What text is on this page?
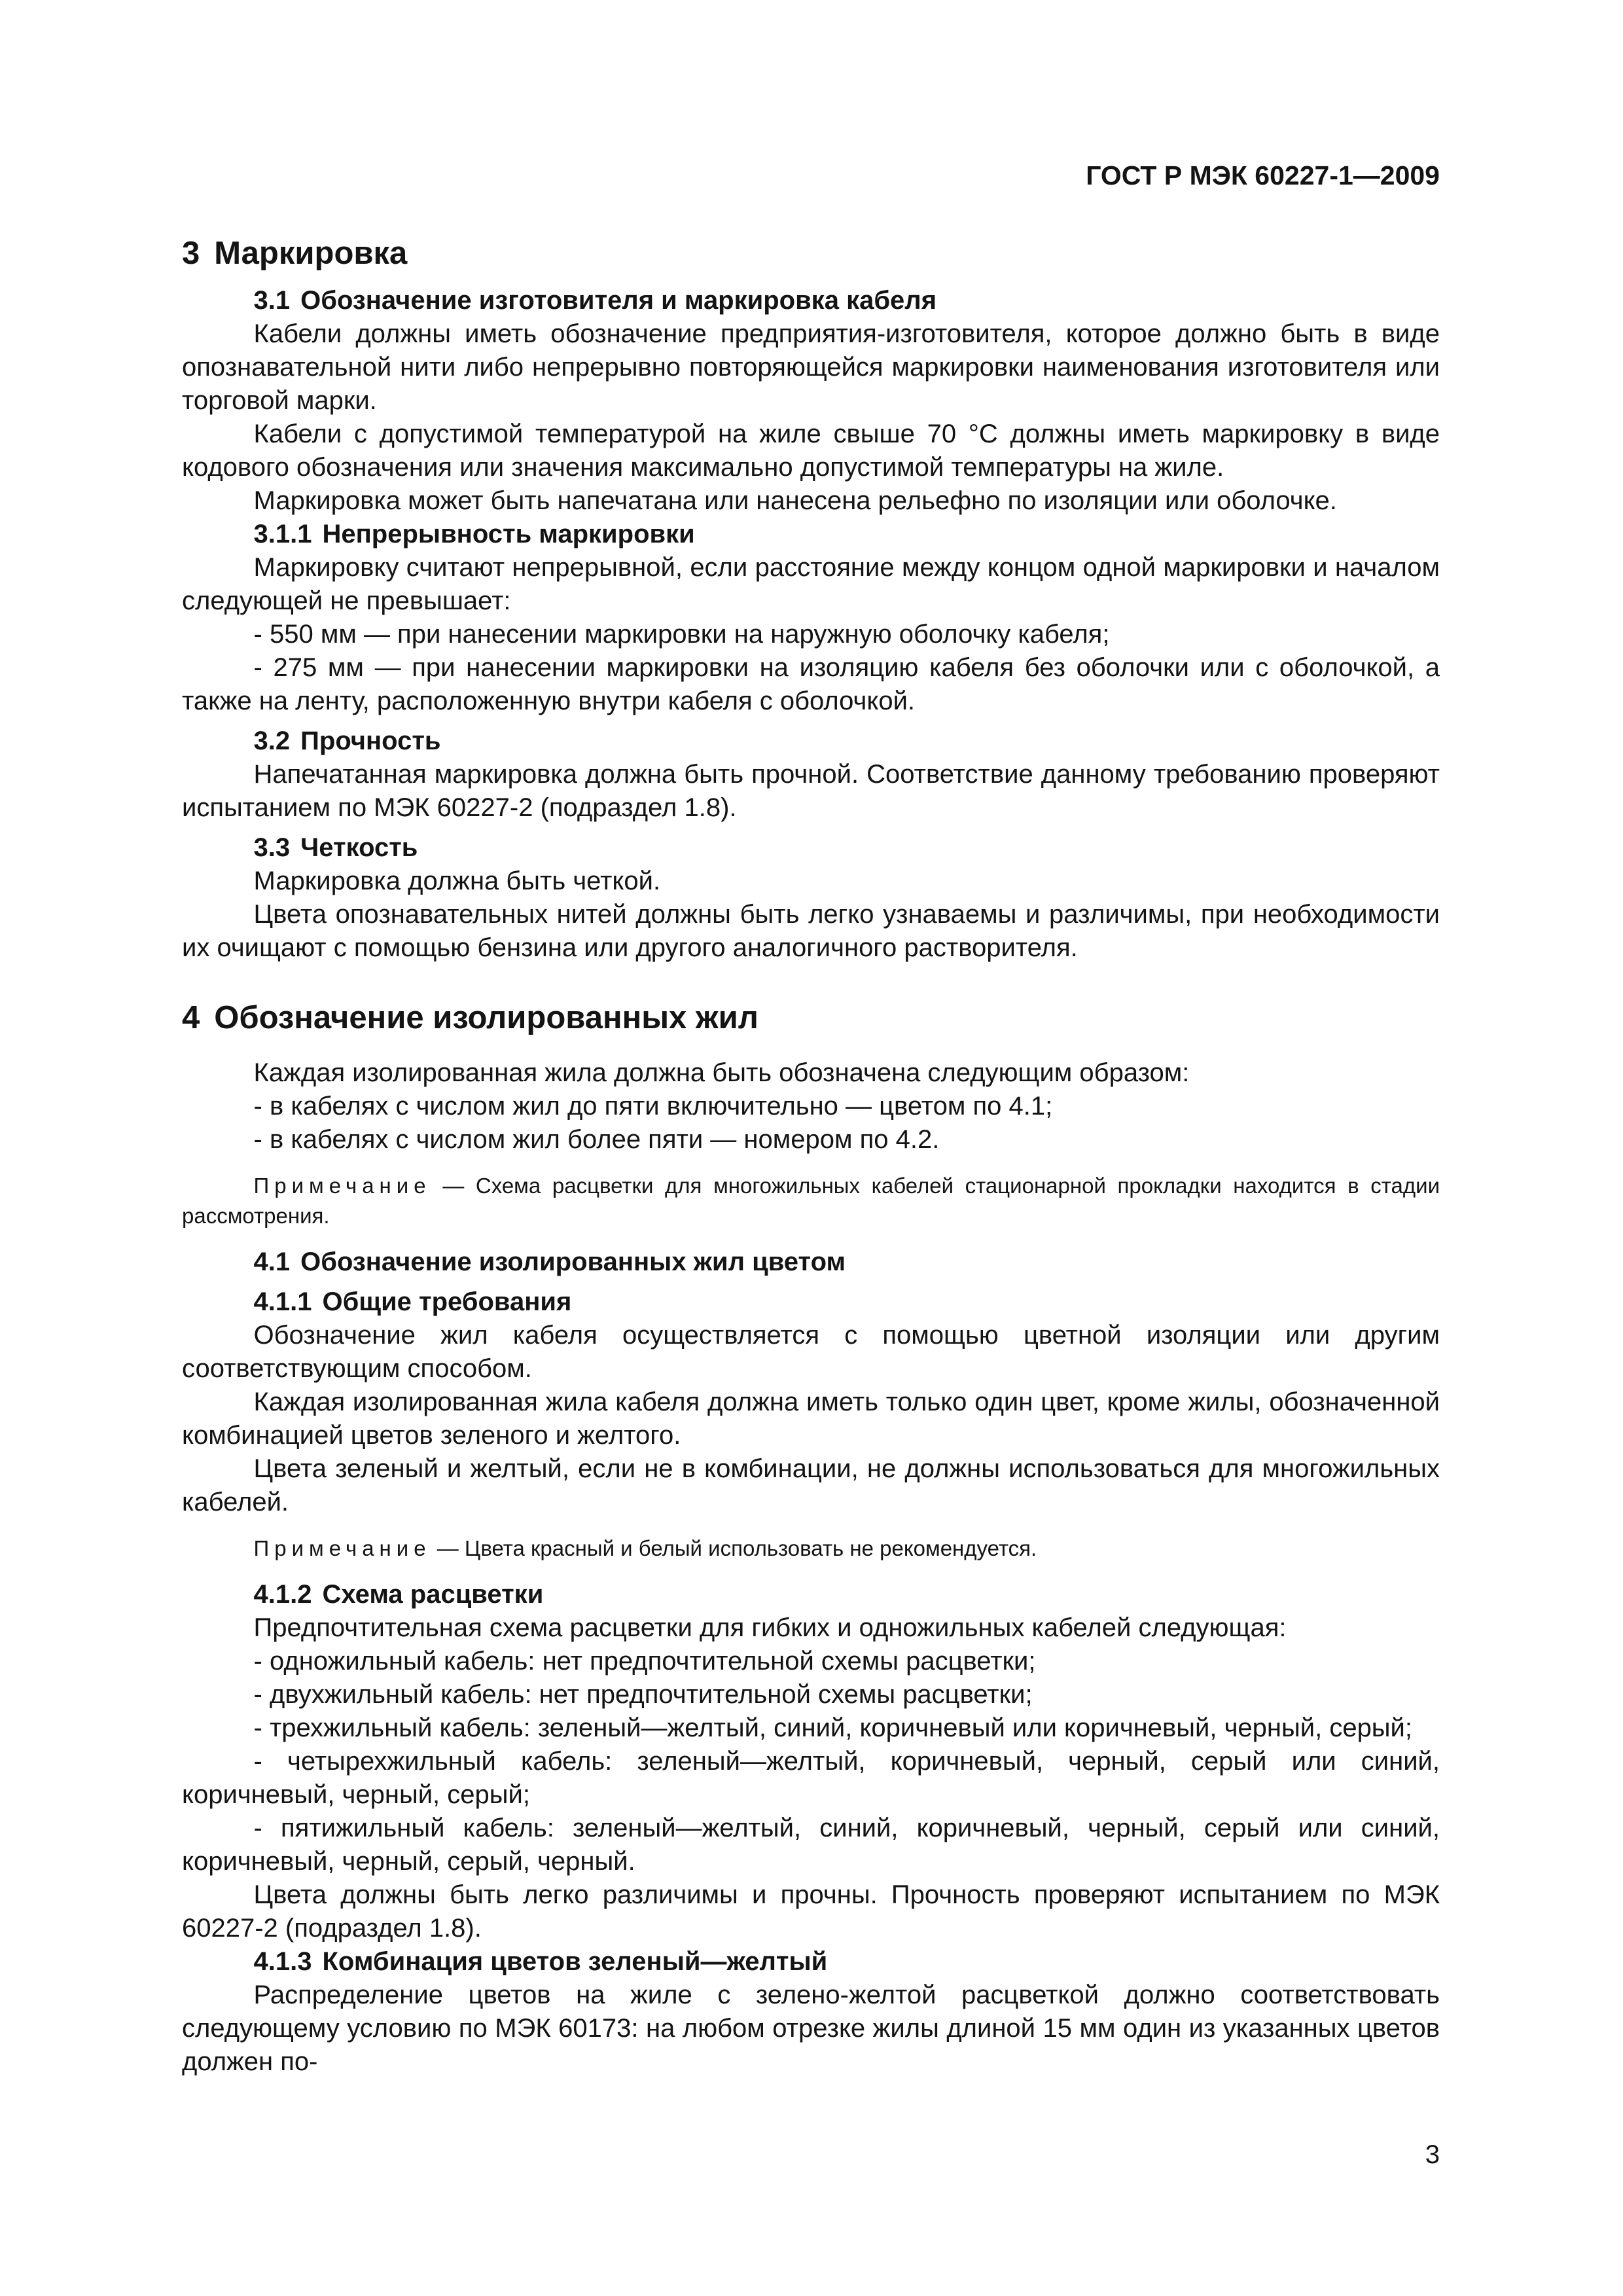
ГОСТ Р МЭК 60227-1—2009
3 Маркировка

3.1 Обозначение изготовителя и маркировка кабеля

Кабели должны иметь обозначение предприятия-изготовителя, которое должно быть в виде опознавательной нити либо непрерывно повторяющейся маркировки наименования изготовителя или торговой марки.

Кабели с допустимой температурой на жиле свыше 70 °С должны иметь маркировку в виде кодового обозначения или значения максимально допустимой температуры на жиле.

Маркировка может быть напечатана или нанесена рельефно по изоляции или оболочке.

3.1.1 Непрерывность маркировки

Маркировку считают непрерывной, если расстояние между концом одной маркировки и началом следующей не превышает:

- 550 мм — при нанесении маркировки на наружную оболочку кабеля;

- 275 мм — при нанесении маркировки на изоляцию кабеля без оболочки или с оболочкой, а также на ленту, расположенную внутри кабеля с оболочкой.

3.2 Прочность

Напечатанная маркировка должна быть прочной. Соответствие данному требованию проверяют испытанием по МЭК 60227-2 (подраздел 1.8).

3.3 Четкость

Маркировка должна быть четкой.

Цвета опознавательных нитей должны быть легко узнаваемы и различимы, при необходимости их очищают с помощью бензина или другого аналогичного растворителя.

4 Обозначение изолированных жил

Каждая изолированная жила должна быть обозначена следующим образом:

- в кабелях с числом жил до пяти включительно — цветом по 4.1;

- в кабелях с числом жил более пяти — номером по 4.2.

Примечание — Схема расцветки для многожильных кабелей стационарной прокладки находится в стадии рассмотрения.

4.1 Обозначение изолированных жил цветом

4.1.1 Общие требования

Обозначение жил кабеля осуществляется с помощью цветной изоляции или другим соответствующим способом.

Каждая изолированная жила кабеля должна иметь только один цвет, кроме жилы, обозначенной комбинацией цветов зеленого и желтого.

Цвета зеленый и желтый, если не в комбинации, не должны использоваться для многожильных кабелей.

Примечание — Цвета красный и белый использовать не рекомендуется.

4.1.2 Схема расцветки

Предпочтительная схема расцветки для гибких и одножильных кабелей следующая:

- одножильный кабель: нет предпочтительной схемы расцветки;

- двухжильный кабель: нет предпочтительной схемы расцветки;

- трехжильный кабель: зеленый—желтый, синий, коричневый или коричневый, черный, серый;

- четырехжильный кабель: зеленый—желтый, коричневый, черный, серый или синий, коричневый, черный, серый;

- пятижильный кабель: зеленый—желтый, синий, коричневый, черный, серый или синий, коричневый, черный, серый, черный.

Цвета должны быть легко различимы и прочны. Прочность проверяют испытанием по МЭК 60227-2 (подраздел 1.8).

4.1.3 Комбинация цветов зеленый—желтый

Распределение цветов на жиле с зелено-желтой расцветкой должно соответствовать следующему условию по МЭК 60173: на любом отрезке жилы длиной 15 мм один из указанных цветов должен по-

3
